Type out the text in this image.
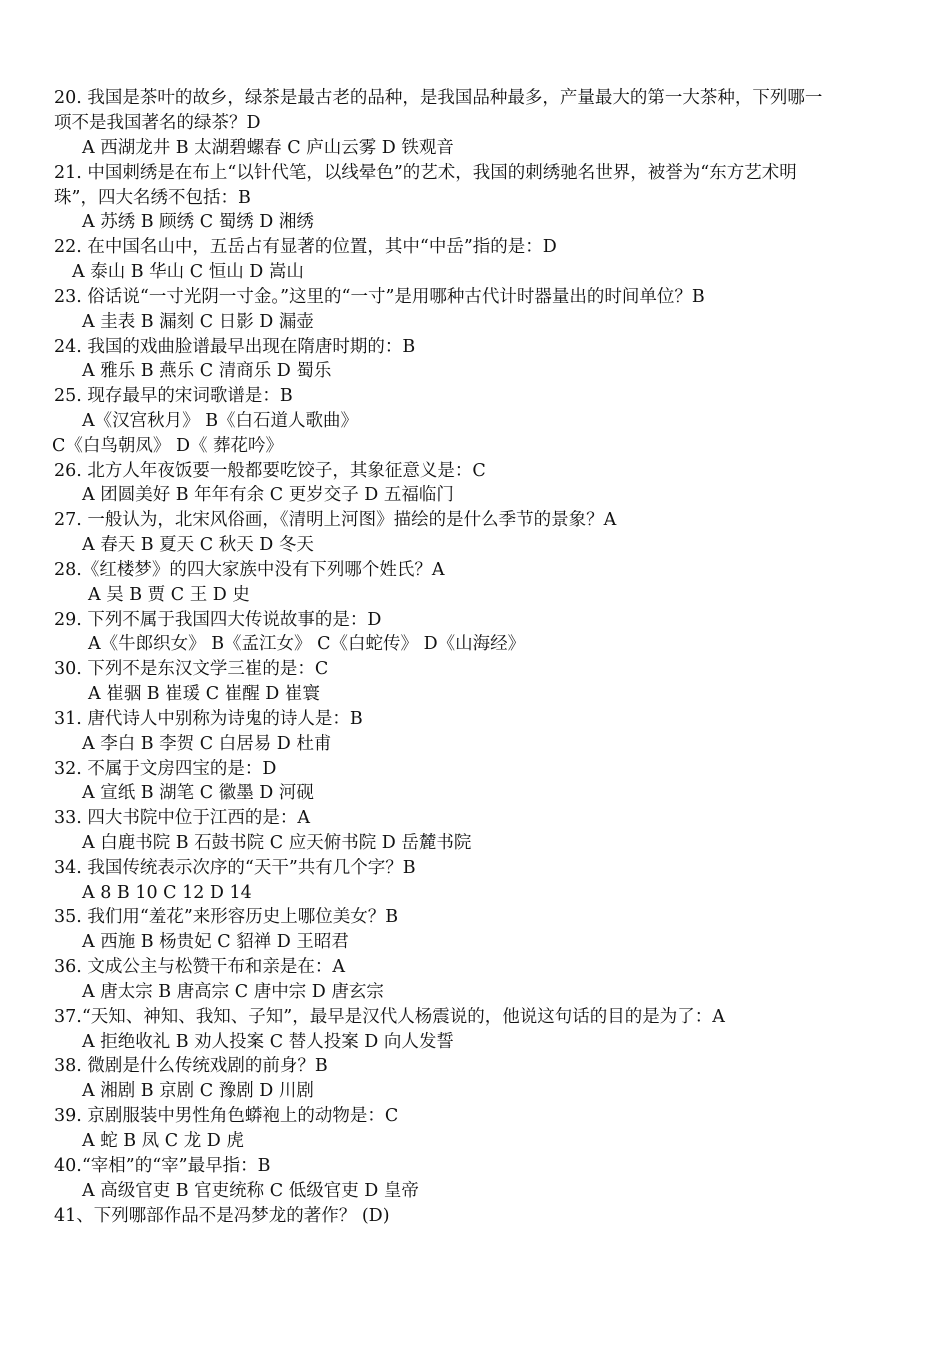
20. 我国是茶叶的故乡，绿茶是最古老的品种，是我国品种最多，产量最大的第一大茶种，下列哪一
项不是我国著名的绿茶？D
A 西湖龙井 B 太湖碧螺春 C 庐山云雾 D 铁观音
21. 中国刺绣是在布上“以针代笔，以线晕色”的艺术，我国的刺绣驰名世界，被誉为“东方艺术明
珠”，四大名绣不包括：B
A 苏绣 B 顾绣 C 蜀绣 D 湘绣
22. 在中国名山中，五岳占有显著的位置，其中“中岳”指的是：D
A 泰山 B 华山 C 恒山 D 嵩山
23. 俗话说“一寸光阴一寸金。”这里的“一寸”是用哪种古代计时器量出的时间单位？B
A 圭表 B 漏刻 C 日影 D 漏壶
24. 我国的戏曲脸谱最早出现在隋唐时期的：B
A 雅乐 B 燕乐 C 清商乐 D 蜀乐
25. 现存最早的宋词歌谱是：B
A《汉宫秋月》 B《白石道人歌曲》
C《白鸟朝凤》 D《 葬花吟》
26. 北方人年夜饭要一般都要吃饺子，其象征意义是：C
A 团圆美好 B 年年有余 C 更岁交子 D 五福临门
27. 一般认为，北宋风俗画，《清明上河图》描绘的是什么季节的景象？A
A 春天 B 夏天 C 秋天 D 冬天
28.《红楼梦》的四大家族中没有下列哪个姓氏？A
A 吴 B 贾 C 王 D 史
29. 下列不属于我国四大传说故事的是：D
A《牛郎织女》 B《孟江女》 C《白蛇传》 D《山海经》
30. 下列不是东汉文学三崔的是：C
A 崔骃 B 崔瑗 C 崔醒 D 崔寰
31. 唐代诗人中别称为诗鬼的诗人是：B
A 李白 B 李贺 C 白居易 D 杜甫
32. 不属于文房四宝的是：D
A 宣纸 B 湖笔 C 徽墨 D 河砚
33. 四大书院中位于江西的是：A
A 白鹿书院 B 石鼓书院 C 应天俯书院 D 岳麓书院
34. 我国传统表示次序的“天干”共有几个字？B
A 8 B 10 C 12 D 14
35. 我们用“羞花”来形容历史上哪位美女？B
A 西施 B 杨贵妃 C 貂禅 D 王昭君
36. 文成公主与松赞干布和亲是在：A
A 唐太宗 B 唐高宗 C 唐中宗 D 唐玄宗
37.“天知、神知、我知、子知”，最早是汉代人杨震说的，他说这句话的目的是为了：A
A 拒绝收礼 B 劝人投案 C 替人投案 D 向人发誓
38. 微剧是什么传统戏剧的前身？B
A 湘剧 B 京剧 C 豫剧 D 川剧
39. 京剧服装中男性角色蟒袍上的动物是：C
A 蛇 B 凤 C 龙 D 虎
40.“宰相”的“宰”最早指：B
A 高级官吏 B 官吏统称 C 低级官吏 D 皇帝
41、下列哪部作品不是冯梦龙的著作？ (D)
